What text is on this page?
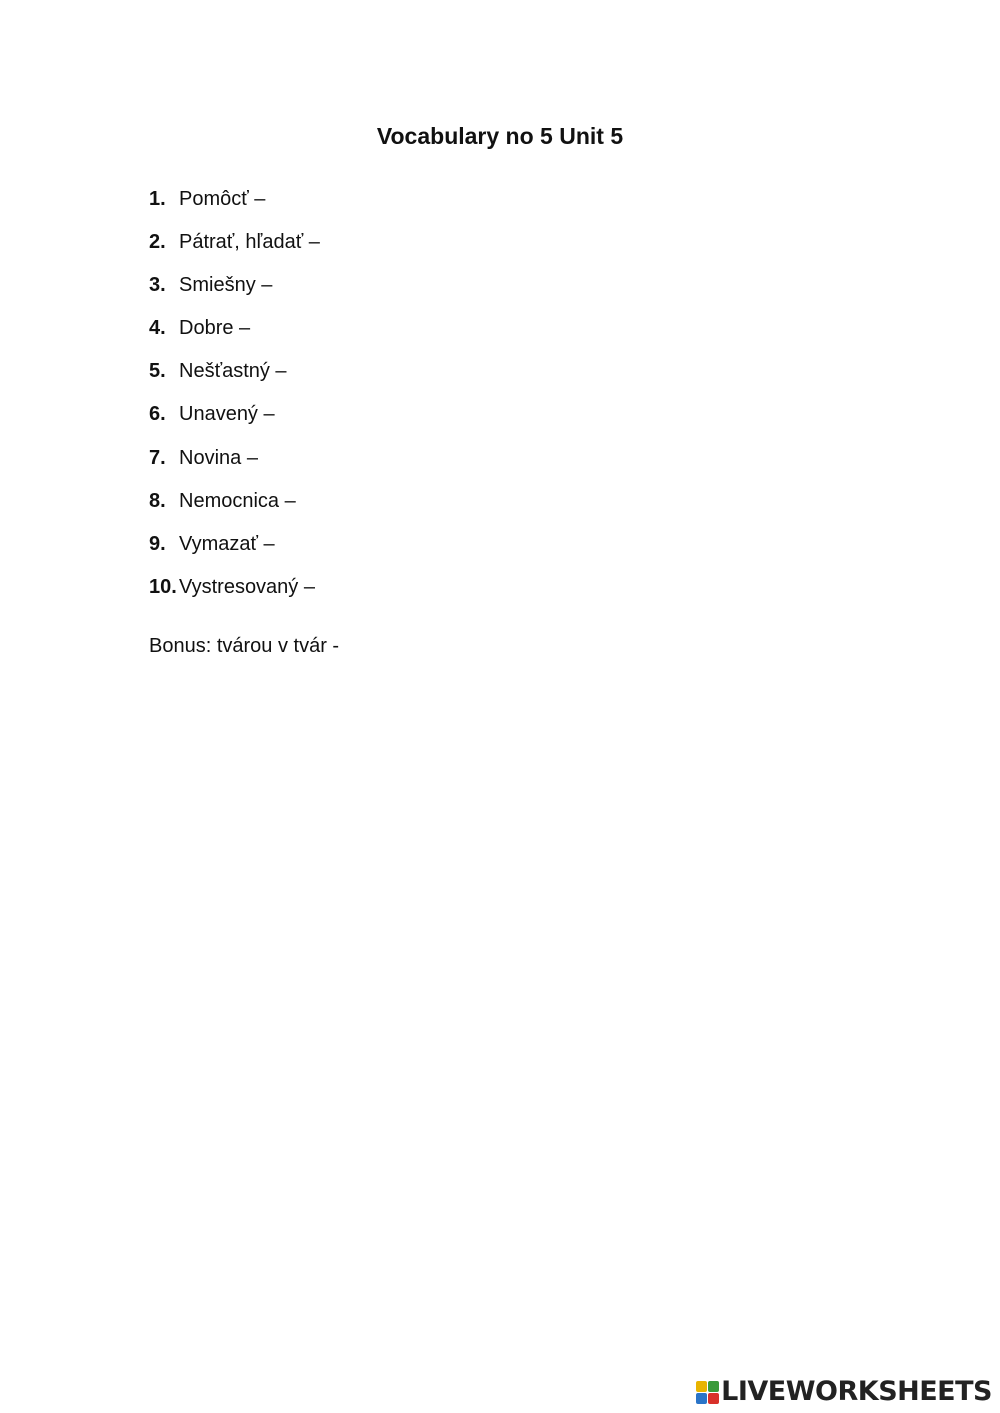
Vocabulary no 5 Unit 5
1. Pomôcť –
2. Pátrať, hľadať –
3. Smiešny –
4. Dobre –
5. Nešťastný –
6. Unavený –
7. Novina –
8. Nemocnica –
9. Vymazať –
10. Vystresovaný –

Bonus: tvárou v tvár -

LIVEWORKSHEETS
